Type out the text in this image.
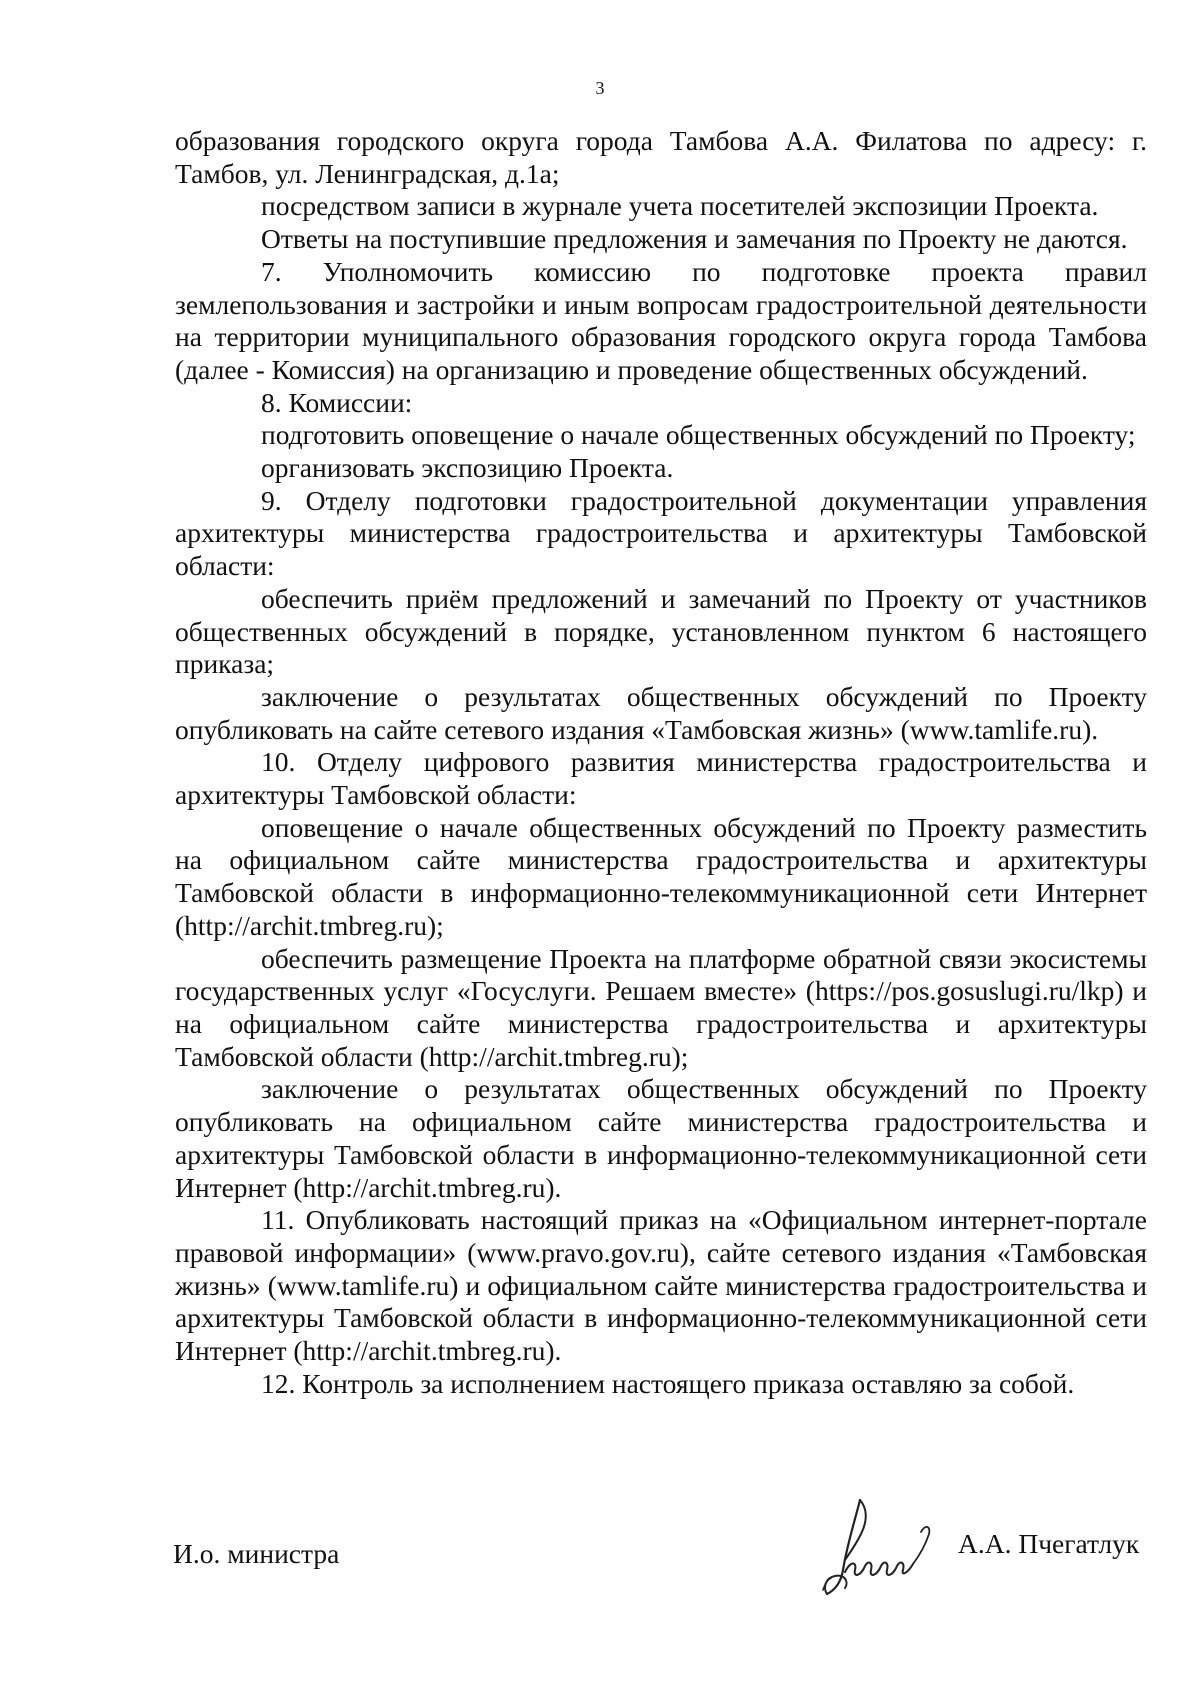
3

образования городского округа города Тамбова А.А. Филатова по адресу: г. Тамбов, ул. Ленинградская, д.1а;

посредством записи в журнале учета посетителей экспозиции Проекта.

Ответы на поступившие предложения и замечания по Проекту не даются.

7. Уполномочить комиссию по подготовке проекта правил землепользования и застройки и иным вопросам градостроительной деятельности на территории муниципального образования городского округа города Тамбова (далее - Комиссия) на организацию и проведение общественных обсуждений.

8. Комиссии:

подготовить оповещение о начале общественных обсуждений по Проекту;

организовать экспозицию Проекта.

9. Отделу подготовки градостроительной документации управления архитектуры министерства градостроительства и архитектуры Тамбовской области:

обеспечить приём предложений и замечаний по Проекту от участников общественных обсуждений в порядке, установленном пунктом 6 настоящего приказа;

заключение о результатах общественных обсуждений по Проекту опубликовать на сайте сетевого издания «Тамбовская жизнь» (www.tamlife.ru).

10. Отделу цифрового развития министерства градостроительства и архитектуры Тамбовской области:

оповещение о начале общественных обсуждений по Проекту разместить на официальном сайте министерства градостроительства и архитектуры Тамбовской области в информационно-телекоммуникационной сети Интернет (http://archit.tmbreg.ru);

обеспечить размещение Проекта на платформе обратной связи экосистемы государственных услуг «Госуслуги. Решаем вместе» (https://pos.gosuslugi.ru/lkp) и на официальном сайте министерства градостроительства и архитектуры Тамбовской области (http://archit.tmbreg.ru);

заключение о результатах общественных обсуждений по Проекту опубликовать на официальном сайте министерства градостроительства и архитектуры Тамбовской области в информационно-телекоммуникационной сети Интернет (http://archit.tmbreg.ru).

11. Опубликовать настоящий приказ на «Официальном интернет-портале правовой информации» (www.pravo.gov.ru), сайте сетевого издания «Тамбовская жизнь» (www.tamlife.ru) и официальном сайте министерства градостроительства и архитектуры Тамбовской области в информационно-телекоммуникационной сети Интернет (http://archit.tmbreg.ru).

12. Контроль за исполнением настоящего приказа оставляю за собой.

И.о. министра	А.А. Пчегатлук
